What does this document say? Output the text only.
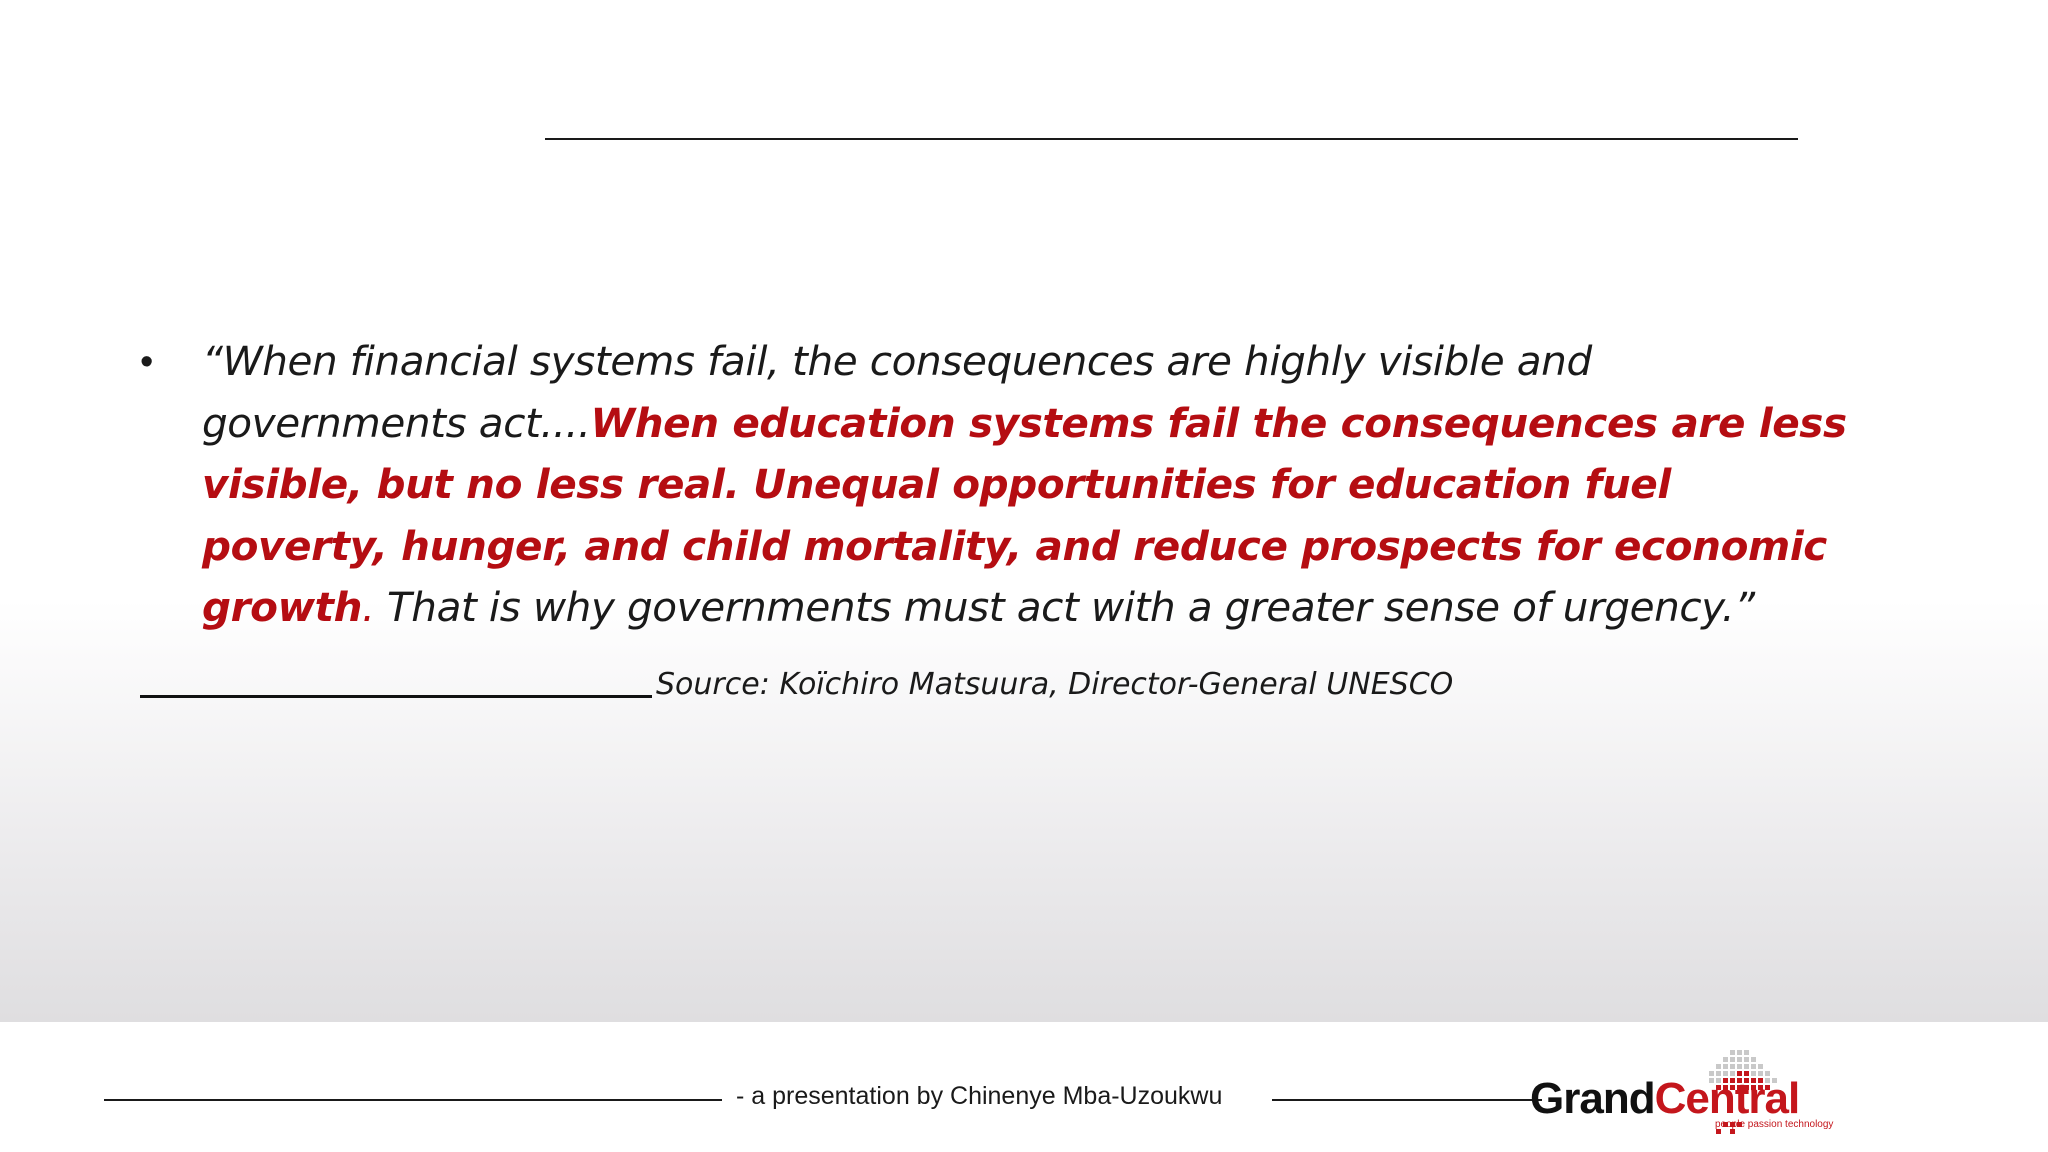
• “When financial systems fail, the consequences are highly visible and governments act....When education systems fail the consequences are less visible, but no less real. Unequal opportunities for education fuel poverty, hunger, and child mortality, and reduce prospects for economic growth. That is why governments must act with a greater sense of urgency.”
Source: Koïchiro Matsuura, Director-General UNESCO
- a presentation by Chinenye Mba-Uzoukwu	GrandCentral
people passion technology
